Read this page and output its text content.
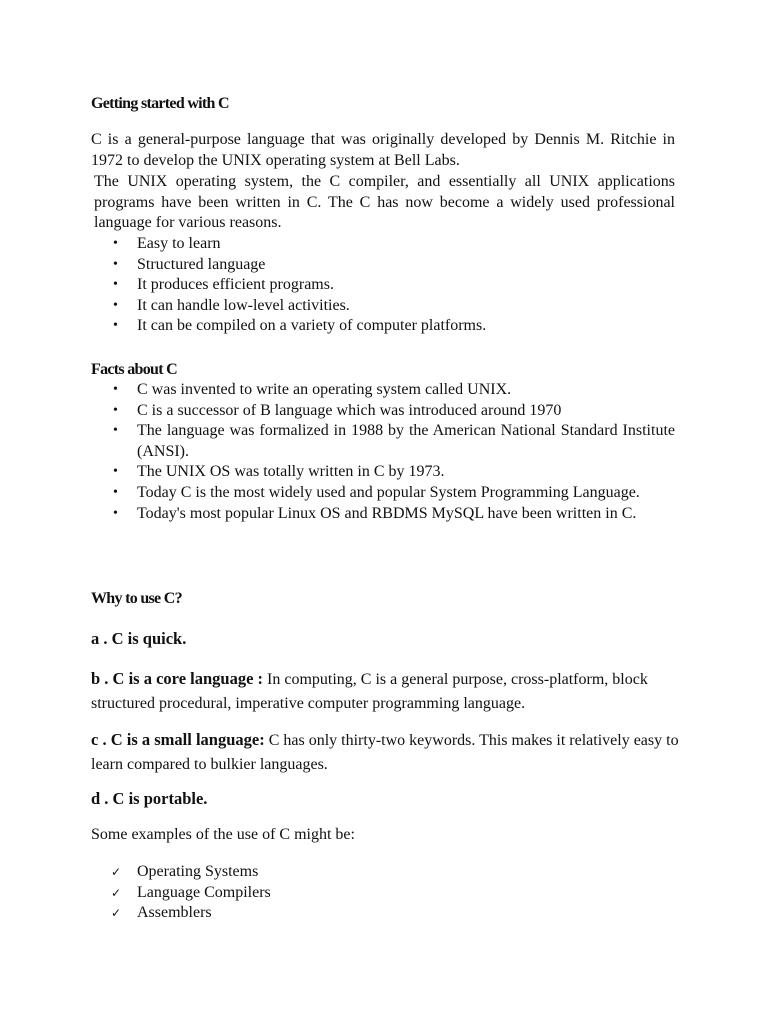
Getting started with C

C is a general-purpose language that was originally developed by Dennis M. Ritchie in 1972 to develop the UNIX operating system at Bell Labs.

The UNIX operating system, the C compiler, and essentially all UNIX applications programs have been written in C. The C has now become a widely used professional language for various reasons.

• Easy to learn
• Structured language
• It produces efficient programs.
• It can handle low-level activities.
• It can be compiled on a variety of computer platforms.
Facts about C
• C was invented to write an operating system called UNIX.
• C is a successor of B language which was introduced around 1970
• The language was formalized in 1988 by the American National Standard Institute (ANSI).
• The UNIX OS was totally written in C by 1973.
• Today C is the most widely used and popular System Programming Language.
• Today's most popular Linux OS and RBDMS MySQL have been written in C.
Why to use C?

a . C is quick.

b . C is a core language : In computing, C is a general purpose, cross-platform, block structured procedural, imperative computer programming language.

c . C is a small language: C has only thirty-two keywords. This makes it relatively easy to learn compared to bulkier languages.

d . C is portable.

Some examples of the use of C might be:

✓ Operating Systems
✓ Language Compilers
✓ Assemblers
